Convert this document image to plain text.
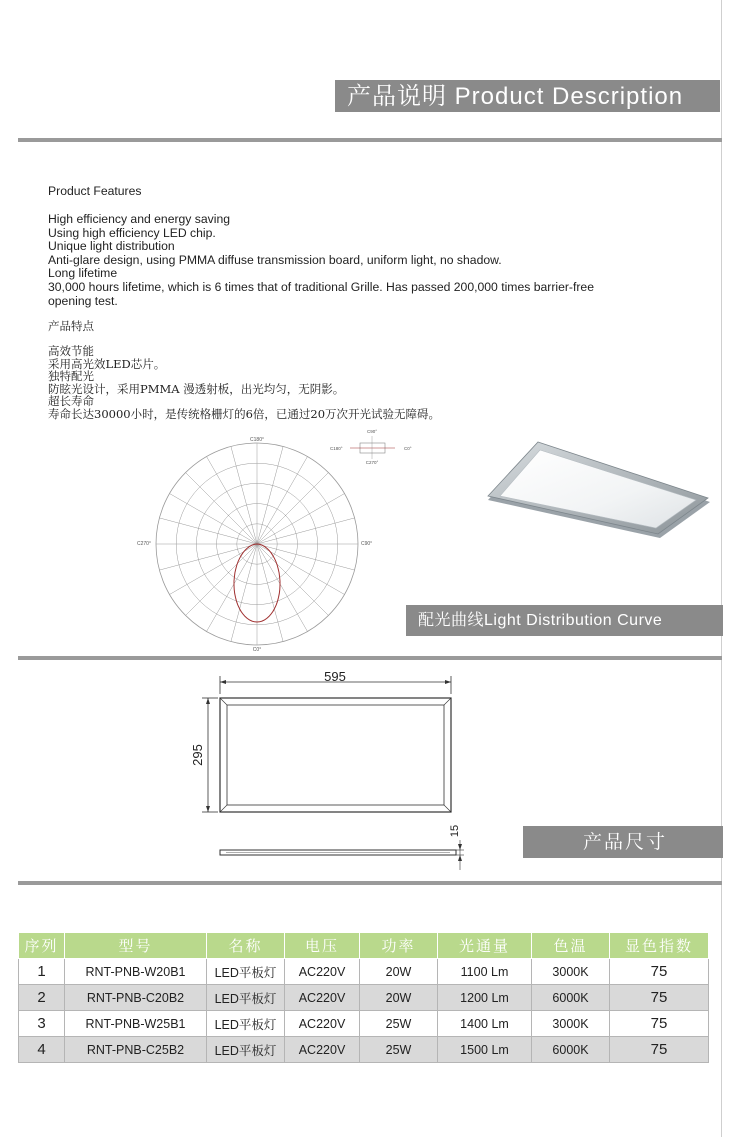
产品说明 Product Description
Product Features
High efficiency and energy saving
Using high efficiency LED chip.
Unique light distribution
Anti-glare design, using PMMA diffuse transmission board, uniform light, no shadow.
Long lifetime
30,000 hours lifetime, which is 6 times that of traditional Grille. Has passed 200,000 times barrier-free
opening test.
产品特点
高效节能
采用高光效LED芯片。
独特配光
防眩光设计，采用PMMA 漫透射板，出光均匀，无阴影。
超长寿命
寿命长达30000小时，是传统格栅灯的6倍，已通过20万次开光试验无障碍。
C180°
C270°	C90°
C0°
C90°
C180°	C0°
C270°
配光曲线Light Distribution Curve
595
295
15	产品尺寸
序列	型号	名称	电压	功率	光通量	色温	显色指数
1	RNT-PNB-W20B1	LED平板灯	AC220V	20W	1100 Lm	3000K	75
2	RNT-PNB-C20B2	LED平板灯	AC220V	20W	1200 Lm	6000K	75
3	RNT-PNB-W25B1	LED平板灯	AC220V	25W	1400 Lm	3000K	75
4	RNT-PNB-C25B2	LED平板灯	AC220V	25W	1500 Lm	6000K	75
